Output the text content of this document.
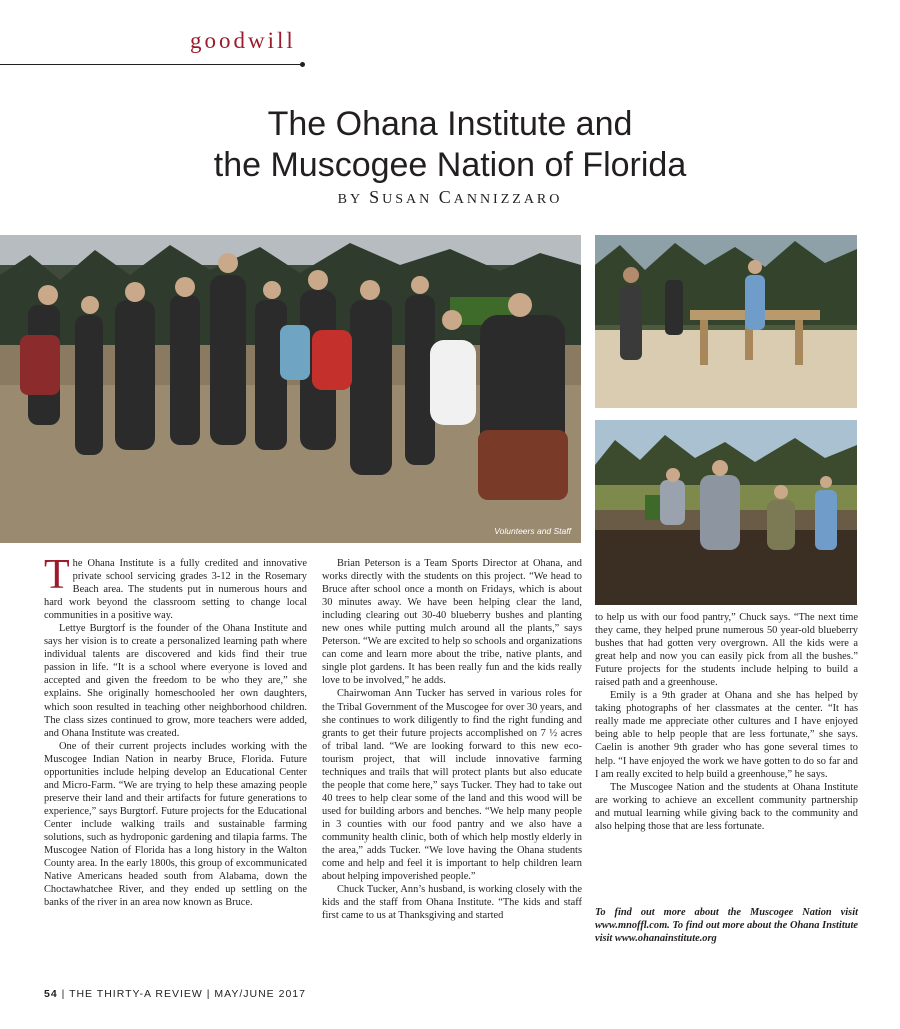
goodwill
The Ohana Institute and
the Muscogee Nation of Florida
BY SUSAN CANNIZZARO
Volunteers and Staff

The Ohana Institute is a fully credited and innovative private school servicing grades 3-12 in the Rosemary Beach area. The students put in numerous hours and hard work beyond the classroom setting to change local communities in a positive way.

Lettye Burgtorf is the founder of the Ohana Institute and says her vision is to create a personalized learning path where individual talents are discovered and kids find their true passion in life. “It is a school where everyone is loved and accepted and given the freedom to be who they are,” she explains. She originally homeschooled her own daughters, which soon resulted in teaching other neighborhood children. The class sizes continued to grow, more teachers were added, and Ohana Institute was created.

One of their current projects includes working with the Muscogee Indian Nation in nearby Bruce, Florida. Future opportunities include helping develop an Educational Center and Micro-Farm. “We are trying to help these amazing people preserve their land and their artifacts for future generations to experience,” says Burgtorf. Future projects for the Educational Center include walking trails and sustainable farming solutions, such as hydroponic gardening and tilapia farms. The Muscogee Nation of Florida has a long history in the Walton County area. In the early 1800s, this group of excommunicated Native Americans headed south from Alabama, down the Choctawhatchee River, and they ended up settling on the banks of the river in an area now known as Bruce.

Brian Peterson is a Team Sports Director at Ohana, and works directly with the students on this project. “We head to Bruce after school once a month on Fridays, which is about 30 minutes away. We have been helping clear the land, including clearing out 30-40 blueberry bushes and planting new ones while putting mulch around all the plants,” says Peterson. “We are excited to help so schools and organizations can come and learn more about the tribe, native plants, and single plot gardens. It has been really fun and the kids really love to be involved,” he adds.

Chairwoman Ann Tucker has served in various roles for the Tribal Government of the Muscogee for over 30 years, and she continues to work diligently to find the right funding and grants to get their future projects accomplished on 7 ½ acres of tribal land. “We are looking forward to this new eco-tourism project, that will include innovative farming techniques and trails that will protect plants but also educate the people that come here,” says Tucker. They had to take out 40 trees to help clear some of the land and this wood will be used for building arbors and benches. “We help many people in 3 counties with our food pantry and we also have a community health clinic, both of which help mostly elderly in the area,” adds Tucker. “We love having the Ohana students come and help and feel it is important to help children learn about helping impoverished people.”

Chuck Tucker, Ann’s husband, is working closely with the kids and the staff from Ohana Institute. “The kids and staff first came to us at Thanksgiving and started

to help us with our food pantry,” Chuck says. “The next time they came, they helped prune numerous 50 year-old blueberry bushes that had gotten very overgrown. All the kids were a great help and now you can easily pick from all the bushes.” Future projects for the students include helping to build a raised path and a greenhouse.

Emily is a 9th grader at Ohana and she has helped by taking photographs of her classmates at the center. “It has really made me appreciate other cultures and I have enjoyed being able to help people that are less fortunate,” she says. Caelin is another 9th grader who has gone several times to help. “I have enjoyed the work we have gotten to do so far and I am really excited to help build a greenhouse,” he says.

The Muscogee Nation and the students at Ohana Institute are working to achieve an excellent community partnership and mutual learning while giving back to the community and also helping those that are less fortunate.

To find out more about the Muscogee Nation visit www.mnoffl.com. To find out more about the Ohana Institute visit www.ohanainstitute.org

54 | THE THIRTY-A REVIEW | MAY/JUNE 2017
